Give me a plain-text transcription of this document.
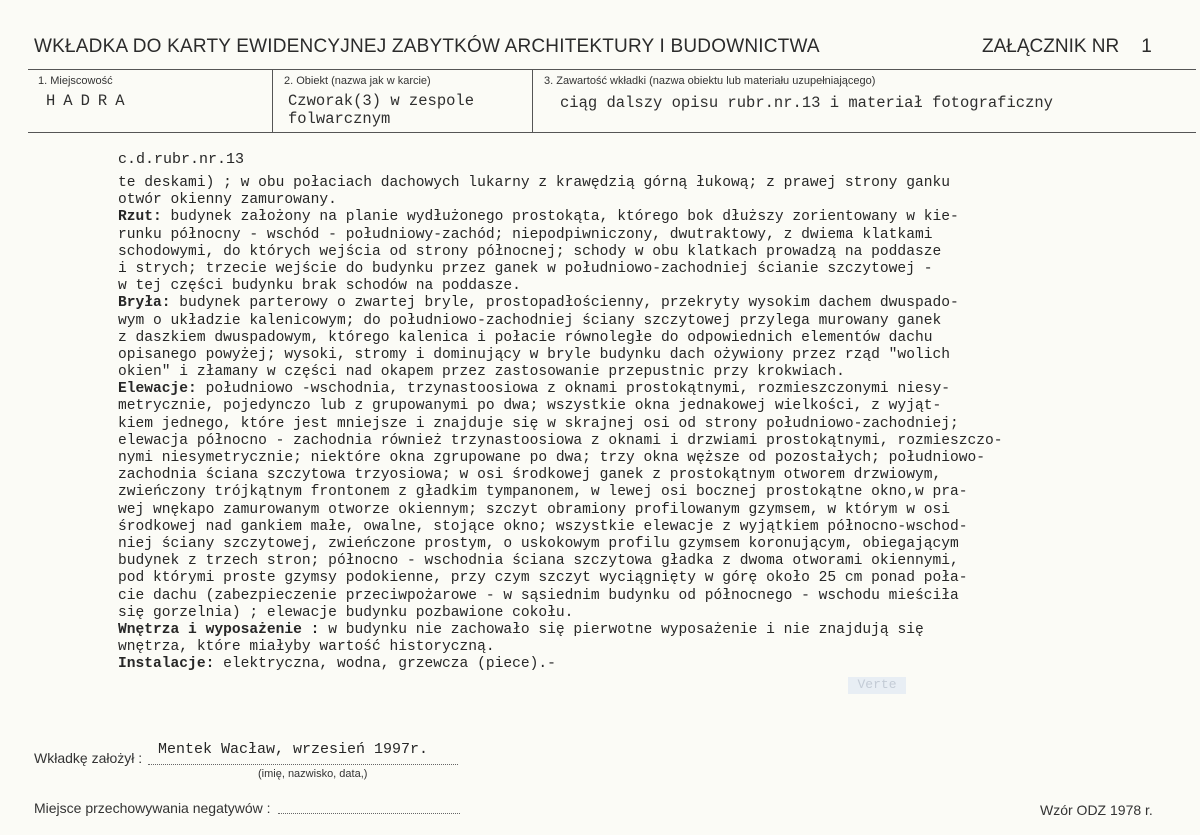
WKŁADKA DO KARTY EWIDENCYJNEJ ZABYTKÓW ARCHITEKTURY I BUDOWNICTWA	ZAŁĄCZNIK NR 1
1. Miejscowość
HADRA
2. Obiekt (nazwa jak w karcie)
Czworak(3) w zespole folwarcznym
3. Zawartość wkładki (nazwa obiektu lub materiału uzupełniającego)
ciąg dalszy opisu rubr.nr.13 i materiał fotograficzny
c.d.rubr.nr.13
te deskami) ; w obu połaciach dachowych lukarny z krawędzią górną łukową; z prawej strony ganku
otwór okienny zamurowany.
Rzut: budynek założony na planie wydłużonego prostokąta, którego bok dłuższy zorientowany w kie-
runku północny - wschód - południowy-zachód; niepodpiwniczony, dwutraktowy, z dwiema klatkami
schodowymi, do których wejścia od strony północnej; schody w obu klatkach prowadzą na poddasze
i strych; trzecie wejście do budynku przez ganek w południowo-zachodniej ścianie szczytowej -
w tej części budynku brak schodów na poddasze.
Bryła: budynek parterowy o zwartej bryle, prostopadłościenny, przekryty wysokim dachem dwuspado-
wym o układzie kalenicowym; do południowo-zachodniej ściany szczytowej przylega murowany ganek
z daszkiem dwuspadowym, którego kalenica i połacie równoległe do odpowiednich elementów dachu
opisanego powyżej; wysoki, stromy i dominujący w bryle budynku dach ożywiony przez rząd "wolich
okien" i złamany w części nad okapem przez zastosowanie przepustnic przy krokwiach.
Elewacje: południowo -wschodnia, trzynastoosiowa z oknami prostokątnymi, rozmieszczonymi niesy-
metrycznie, pojedynczo lub z grupowanymi po dwa; wszystkie okna jednakowej wielkości, z wyjąt-
kiem jednego, które jest mniejsze i znajduje się w skrajnej osi od strony południowo-zachodniej;
elewacja północno - zachodnia również trzynastoosiowa z oknami i drzwiami prostokątnymi, rozmieszczo-
nymi niesymetrycznie; niektóre okna zgrupowane po dwa; trzy okna węższe od pozostałych; południowo-
zachodnia ściana szczytowa trzyosiowa; w osi środkowej ganek z prostokątnym otworem drzwiowym,
zwieńczony trójkątnym frontonem z gładkim tympanonem, w lewej osi bocznej prostokątne okno,w pra-
wej wnękapo zamurowanym otworze okiennym; szczyt obramiony profilowanym gzymsem, w którym w osi
środkowej nad gankiem małe, owalne, stojące okno; wszystkie elewacje z wyjątkiem północno-wschod-
niej ściany szczytowej, zwieńczone prostym, o uskokowym profilu gzymsem koronującym, obiegającym
budynek z trzech stron; północno - wschodnia ściana szczytowa gładka z dwoma otworami okiennymi,
pod którymi proste gzymsy podokienne, przy czym szczyt wyciągnięty w górę około 25 cm ponad poła-
cie dachu (zabezpieczenie przeciwpożarowe - w sąsiednim budynku od północnego - wschodu mieściła
się gorzelnia) ; elewacje budynku pozbawione cokołu.
Wnętrza i wyposażenie : w budynku nie zachowało się pierwotne wyposażenie i nie znajdują się
wnętrza, które miałyby wartość historyczną.
Instalacje: elektryczna, wodna, grzewcza (piece).-
Verte
Wkładkę założył : Mentek Wacław, wrzesień 1997r.
(imię, nazwisko, data,)
Miejsce przechowywania negatywów :	Wzór ODZ 1978 r.
